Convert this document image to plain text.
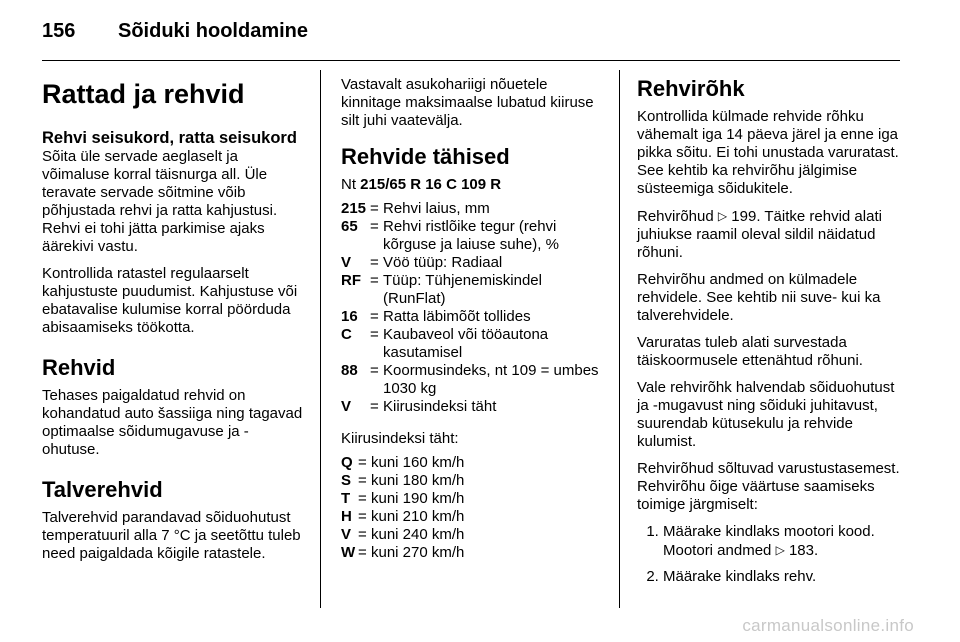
156 Sõiduki hooldamine
Rattad ja rehvid
Rehvi seisukord, ratta seisukord

Sõita üle servade aeglaselt ja võimaluse korral täisnurga all. Üle teravate servade sõitmine võib põhjustada rehvi ja ratta kahjustusi. Rehvi ei tohi jätta parkimise ajaks äärekivi vastu.

Kontrollida ratastel regulaarselt kahjustuste puudumist. Kahjustuse või ebatavalise kulumise korral pöörduda abisaamiseks töökotta.

Rehvid

Tehases paigaldatud rehvid on kohandatud auto šassiiga ning tagavad optimaalse sõidumugavuse ja -ohutuse.

Talverehvid

Talverehvid parandavad sõiduohutust temperatuuril alla 7 °C ja seetõttu tuleb need paigaldada kõigile ratastele.

Vastavalt asukohariigi nõuetele kinnitage maksimaalse lubatud kiiruse silt juhi vaatevälja.

Rehvide tähised
Nt 215/65 R 16 C 109 R
215 = Rehvi laius, mm
65 = Rehvi ristlõike tegur (rehvi kõrguse ja laiuse suhe), %
V	= Vöö tüüp: Radiaal
RF = Tüüp: Tühjenemiskindel (RunFlat)
16 = Ratta läbimõõt tollides
C	= Kaubaveol või tööautona kasutamisel
88 = Koormusindeks, nt 109 = umbes 1030 kg
V	= Kiirusindeksi täht

Kiirusindeksi täht:

Q = kuni 160 km/h
S = kuni 180 km/h
T = kuni 190 km/h
H = kuni 210 km/h
V = kuni 240 km/h
W = kuni 270 km/h
Rehvirõhk

Kontrollida külmade rehvide rõhku vähemalt iga 14 päeva järel ja enne iga pikka sõitu. Ei tohi unustada varuratast. See kehtib ka rehvirõhu jälgimise süsteemiga sõidukitele.

Rehvirõhud ▷ 199. Täitke rehvid alati juhiukse raamil oleval sildil näidatud rõhuni.

Rehvirõhu andmed on külmadele rehvidele. See kehtib nii suve- kui ka talverehvidele.

Varuratas tuleb alati survestada täiskoormusele ettenähtud rõhuni.

Vale rehvirõhk halvendab sõiduohutust ja -mugavust ning sõiduki juhitavust, suurendab kütusekulu ja rehvide kulumist.

Rehvirõhud sõltuvad varustustasemest. Rehvirõhu õige väärtuse saamiseks toimige järgmiselt:

1. Määrake kindlaks mootori kood. Mootori andmed ▷ 183.
2. Määrake kindlaks rehv.
carmanualsonline.info
